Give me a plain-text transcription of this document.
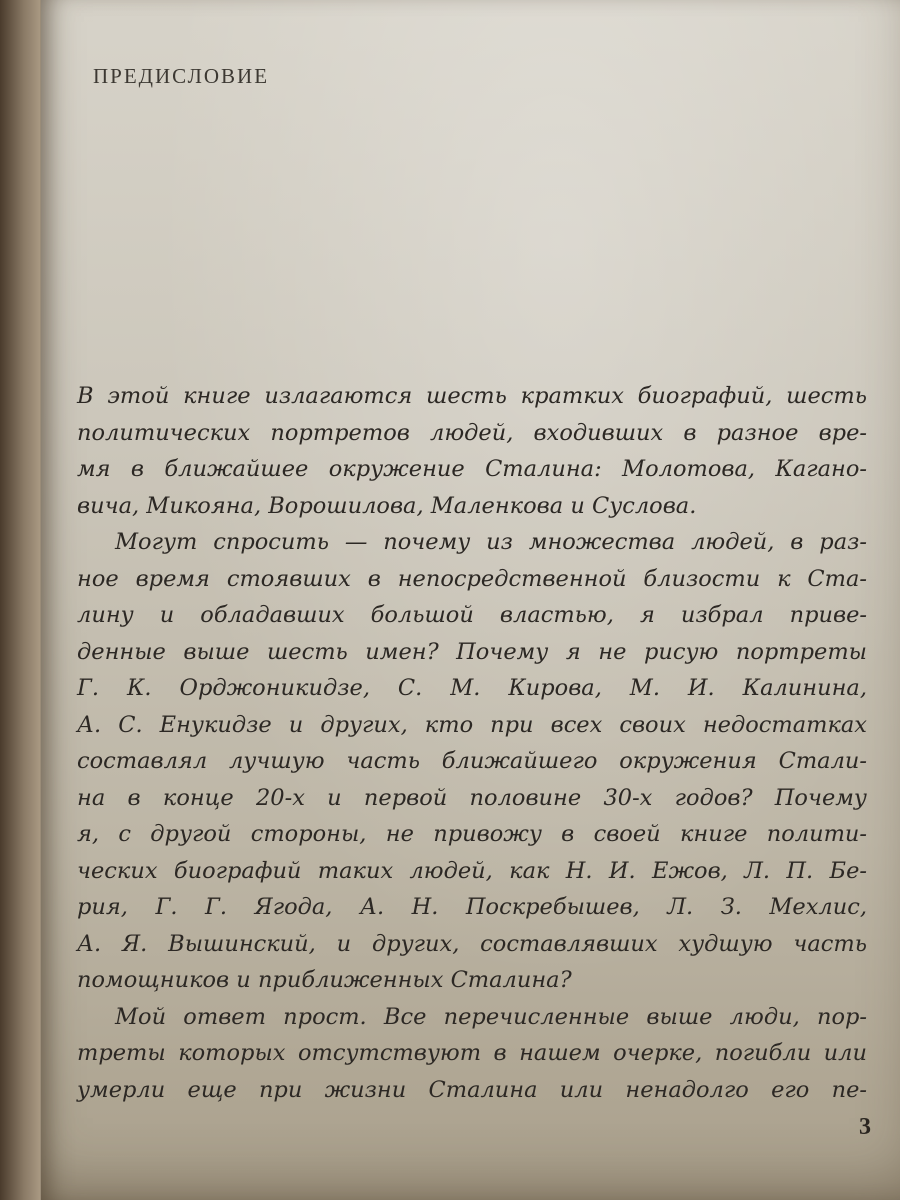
ПРЕДИСЛОВИЕ
В этой книге излагаются шесть кратких биографий, шесть
политических портретов людей, входивших в разное вре-
мя в ближайшее окружение Сталина: Молотова, Кагано-
вича, Микояна, Ворошилова, Маленкова и Суслова.
Могут спросить — почему из множества людей, в раз-
ное время стоявших в непосредственной близости к Ста-
лину и обладавших большой властью, я избрал приве-
денные выше шесть имен? Почему я не рисую портреты
Г. К. Орджоникидзе, С. М. Кирова, М. И. Калинина,
А. С. Енукидзе и других, кто при всех своих недостатках
составлял лучшую часть ближайшего окружения Стали-
на в конце 20-х и первой половине 30-х годов? Почему
я, с другой стороны, не привожу в своей книге полити-
ческих биографий таких людей, как Н. И. Ежов, Л. П. Бе-
рия, Г. Г. Ягода, А. Н. Поскребышев, Л. З. Мехлис,
А. Я. Вышинский, и других, составлявших худшую часть
помощников и приближенных Сталина?
Мой ответ прост. Все перечисленные выше люди, пор-
треты которых отсутствуют в нашем очерке, погибли или
умерли еще при жизни Сталина или ненадолго его пе-
3
